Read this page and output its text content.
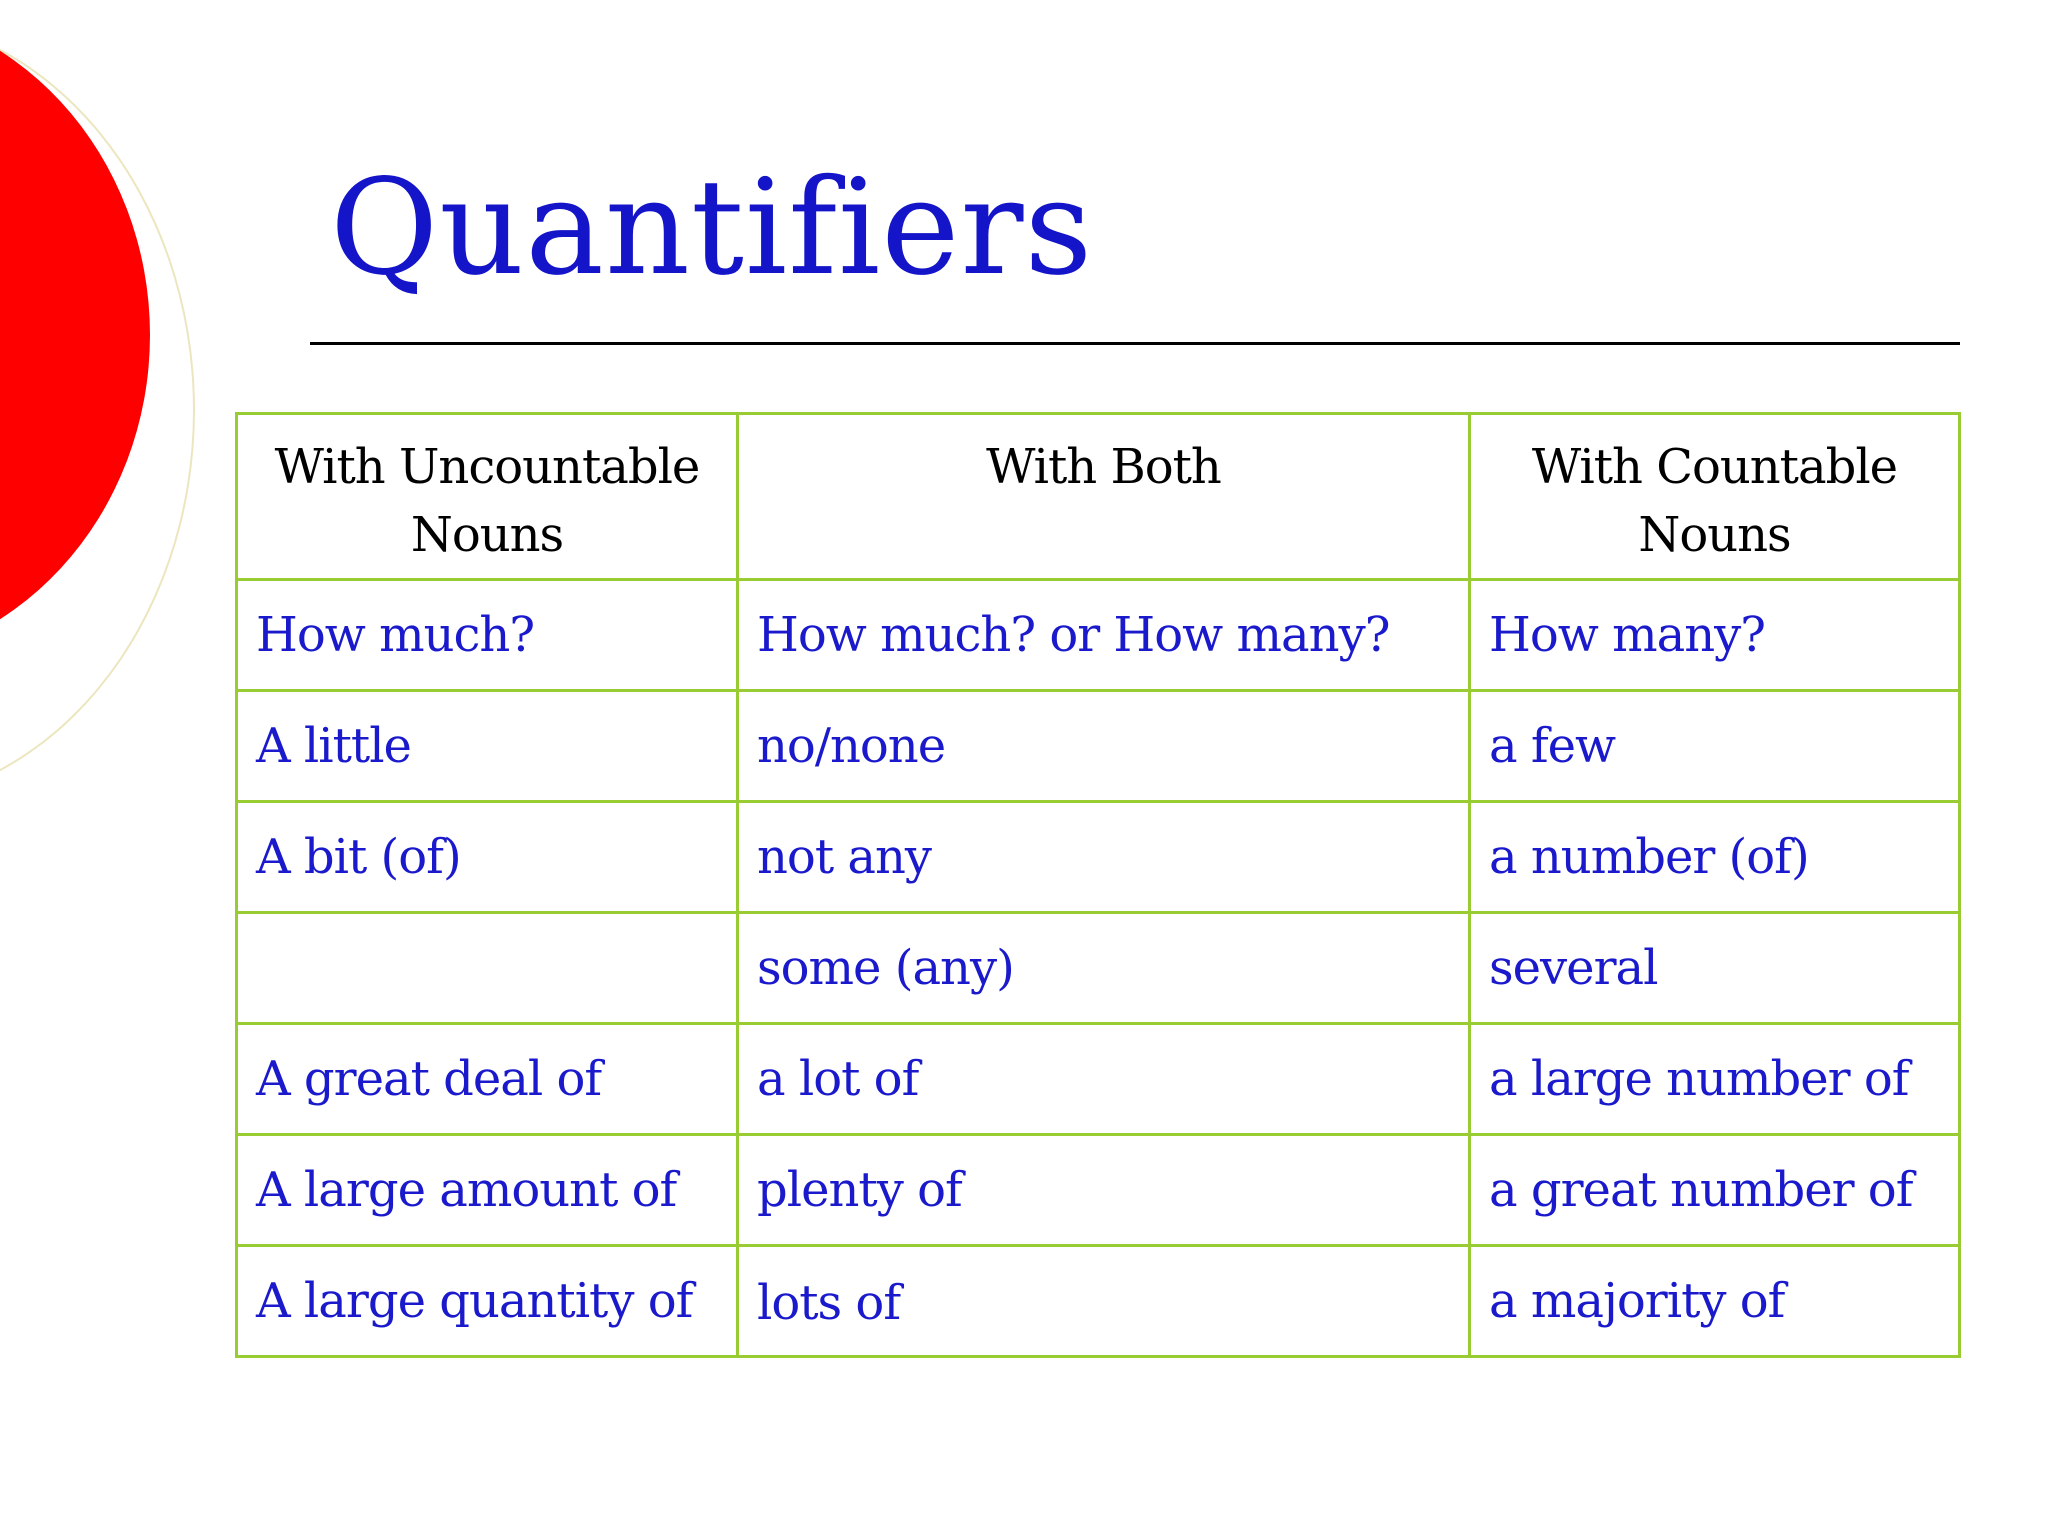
Quantifiers
With Uncountable Nouns	With Both	With Countable Nouns
How much?	How much? or How many?	How many?
A little	no/none	a few
A bit (of)	not any	a number (of)
	some (any)	several
A great deal of	a lot of	a large number of
A large amount of	plenty of	a great number of
A large quantity of	lots of	a majority of
